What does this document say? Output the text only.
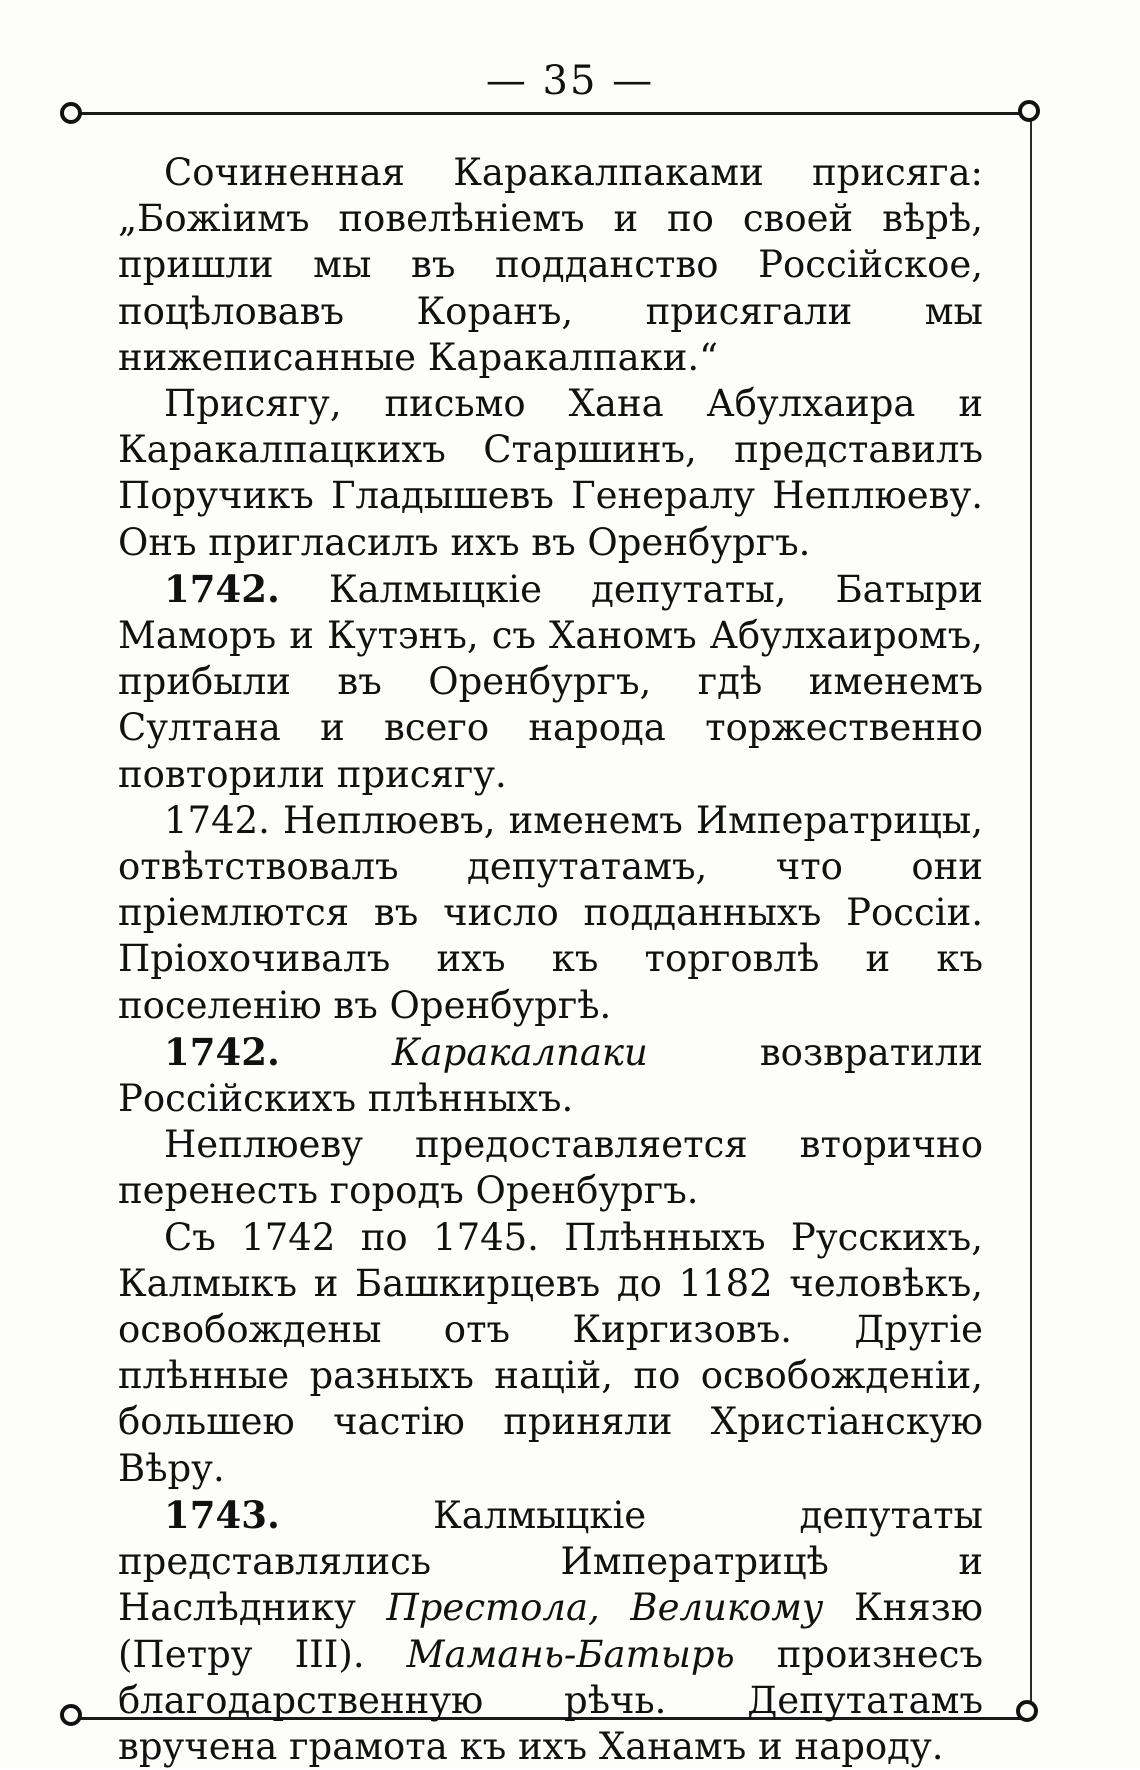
— 35 —

Сочиненная Каракалпаками присяга: „Божіимъ повелѣніемъ и по своей вѣрѣ, пришли мы въ подданство Россійское, поцѣловавъ Коранъ, присягали мы нижеписанные Каракалпаки.“

Присягу, письмо Хана Абулхаира и Каракалпацкихъ Старшинъ, представилъ Поручикъ Гладышевъ Генералу Неплюеву. Онъ пригласилъ ихъ въ Оренбургъ.

1742. Калмыцкіе депутаты, Батыри Маморъ и Кутэнъ, съ Ханомъ Абулхаиромъ, прибыли въ Оренбургъ, гдѣ именемъ Султана и всего народа торжественно повторили присягу.

1742. Неплюевъ, именемъ Императрицы, отвѣтствовалъ депутатамъ, что они пріемлются въ число подданныхъ Россіи. Пріохочивалъ ихъ къ торговлѣ и къ поселенію въ Оренбургѣ.

1742.	Каракалпаки возвратили Россійскихъ плѣнныхъ.

Неплюеву предоставляется вторично перенесть городъ Оренбургъ.

Съ 1742 по 1745. Плѣнныхъ Русскихъ, Калмыкъ и Башкирцевъ до 1182 человѣкъ, освобождены отъ Киргизовъ. Другіе плѣнные разныхъ націй, по освобожденіи, большею частію приняли Христіанскую Вѣру.

1743. Калмыцкіе депутаты представлялись Императрицѣ и Наслѣднику Престола, Великому Князю (Петру III). Мамань-Батырь произнесъ благодарственную рѣчь. Депутатамъ вручена грамота къ ихъ Ханамъ и народу.
